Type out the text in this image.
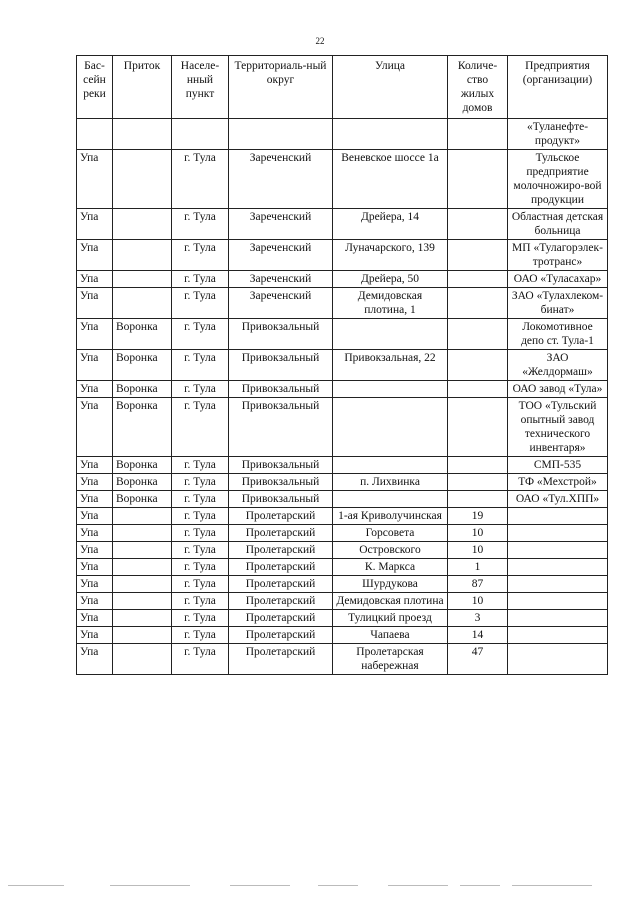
22
Бас-сейн реки	Приток	Населе-нный пункт	Территориаль-ный округ	Улица	Количе-ство жилых домов	Предприятия (организации)
						«Туланефте-продукт»
Упа		г. Тула	Зареченский	Веневское шоссе 1а		Тульское предприятие молочножиро-вой продукции
Упа		г. Тула	Зареченский	Дрейера, 14		Областная детская больница
Упа		г. Тула	Зареченский	Луначарского, 139		МП «Тулагорэлек-тротранс»
Упа		г. Тула	Зареченский	Дрейера, 50		ОАО «Туласахар»
Упа		г. Тула	Зареченский	Демидовская плотина, 1		ЗАО «Тулахлеком-бинат»
Упа	Воронка	г. Тула	Привокзальный			Локомотивное депо ст. Тула-1
Упа	Воронка	г. Тула	Привокзальный	Привокзальная, 22		ЗАО «Желдормаш»
Упа	Воронка	г. Тула	Привокзальный			ОАО завод «Тула»
Упа	Воронка	г. Тула	Привокзальный			ТОО «Тульский опытный завод технического инвентаря»
Упа	Воронка	г. Тула	Привокзальный			СМП-535
Упа	Воронка	г. Тула	Привокзальный	п. Лихвинка		ТФ «Мехстрой»
Упа	Воронка	г. Тула	Привокзальный			ОАО «Тул.ХПП»
Упа		г. Тула	Пролетарский	1-ая Криволучинская	19	
Упа		г. Тула	Пролетарский	Горсовета	10	
Упа		г. Тула	Пролетарский	Островского	10	
Упа		г. Тула	Пролетарский	К. Маркса	1	
Упа		г. Тула	Пролетарский	Шурдукова	87	
Упа		г. Тула	Пролетарский	Демидовская плотина	10	
Упа		г. Тула	Пролетарский	Тулицкий проезд	3	
Упа		г. Тула	Пролетарский	Чапаева	14	
Упа		г. Тула	Пролетарский	Пролетарская набережная	47	
